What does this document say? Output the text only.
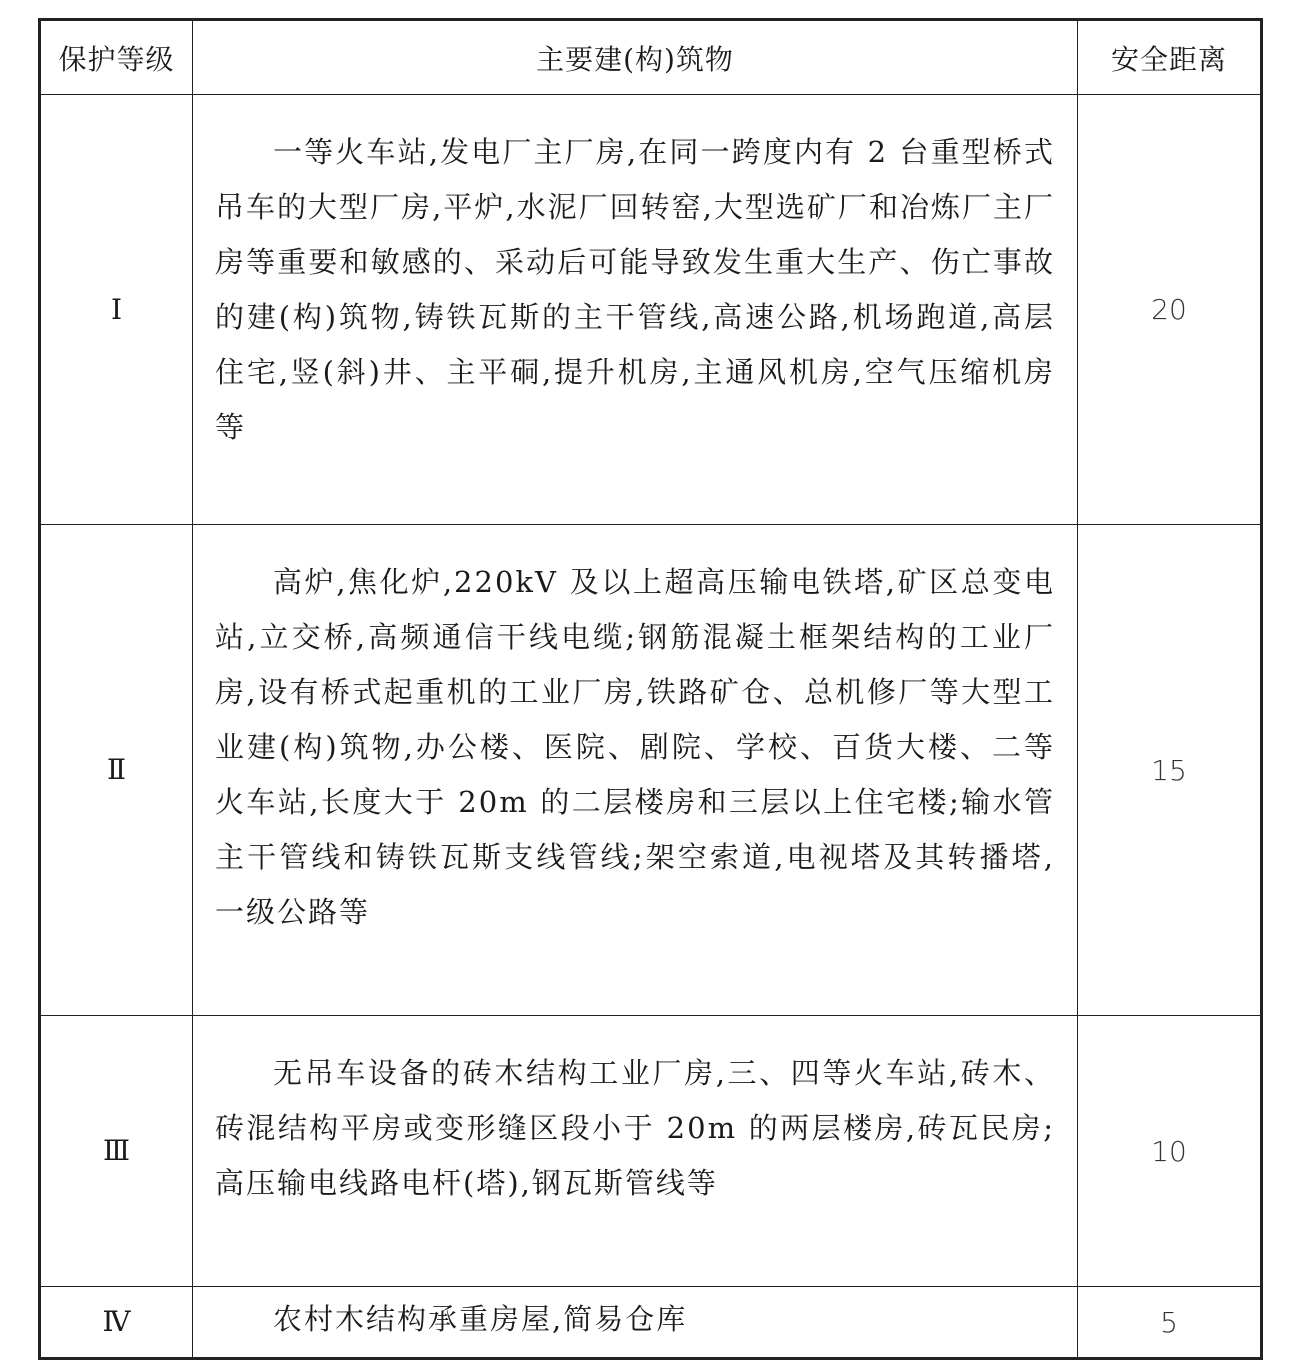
保护等级	主要建(构)筑物	安全距离
Ⅰ	一等火车站,发电厂主厂房,在同一跨度内有 2 台重型桥式吊车的大型厂房,平炉,水泥厂回转窑,大型选矿厂和冶炼厂主厂房等重要和敏感的、采动后可能导致发生重大生产、伤亡事故的建(构)筑物,铸铁瓦斯的主干管线,高速公路,机场跑道,高层住宅,竖(斜)井、主平硐,提升机房,主通风机房,空气压缩机房等	20
Ⅱ	高炉,焦化炉,220kV 及以上超高压输电铁塔,矿区总变电站,立交桥,高频通信干线电缆;钢筋混凝土框架结构的工业厂房,设有桥式起重机的工业厂房,铁路矿仓、总机修厂等大型工业建(构)筑物,办公楼、医院、剧院、学校、百货大楼、二等火车站,长度大于 20m 的二层楼房和三层以上住宅楼;输水管主干管线和铸铁瓦斯支线管线;架空索道,电视塔及其转播塔,一级公路等	15
Ⅲ	无吊车设备的砖木结构工业厂房,三、四等火车站,砖木、砖混结构平房或变形缝区段小于 20m 的两层楼房,砖瓦民房;高压输电线路电杆(塔),钢瓦斯管线等	10
Ⅳ	农村木结构承重房屋,简易仓库	5
